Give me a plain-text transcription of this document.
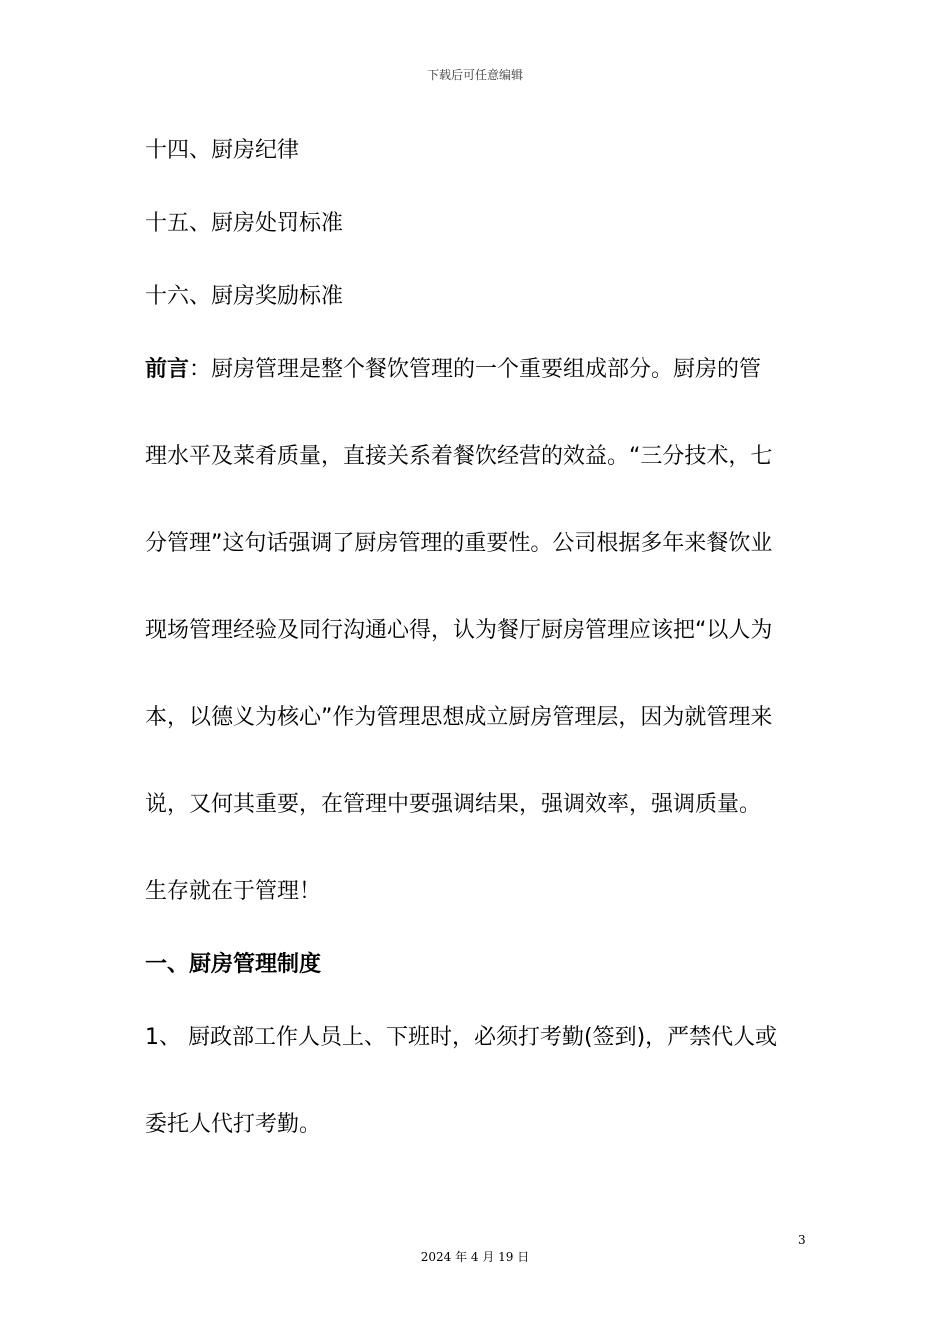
下载后可任意编辑
十四、厨房纪律
十五、厨房处罚标准
十六、厨房奖励标准
前言：厨房管理是整个餐饮管理的一个重要组成部分。厨房的管
理水平及菜肴质量，直接关系着餐饮经营的效益。“三分技术，七
分管理”这句话强调了厨房管理的重要性。公司根据多年来餐饮业
现场管理经验及同行沟通心得，认为餐厅厨房管理应该把“以人为
本，以德义为核心”作为管理思想成立厨房管理层，因为就管理来
说，又何其重要，在管理中要强调结果，强调效率，强调质量。
生存就在于管理！
一、厨房管理制度
1、 厨政部工作人员上、下班时，必须打考勤(签到)，严禁代人或
委托人代打考勤。
3
2024 年 4 月 19 日
